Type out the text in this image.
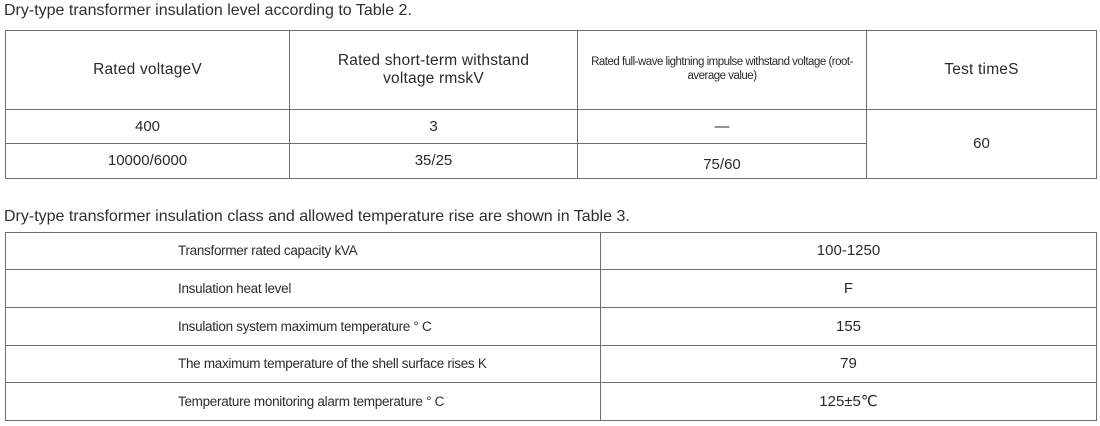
Dry-type transformer insulation level according to Table 2.
Rated voltageV	Rated short-term withstand voltage rmskV	Rated full-wave lightning impulse withstand voltage (root-average value)	Test timeS
400	3	—	60
10000/6000	35/25	75/60	
Dry-type transformer insulation class and allowed temperature rise are shown in Table 3.
Transformer rated capacity kVA	100-1250
Insulation heat level	F
Insulation system maximum temperature ° C	155
The maximum temperature of the shell surface rises K	79
Temperature monitoring alarm temperature ° C	125±5℃
